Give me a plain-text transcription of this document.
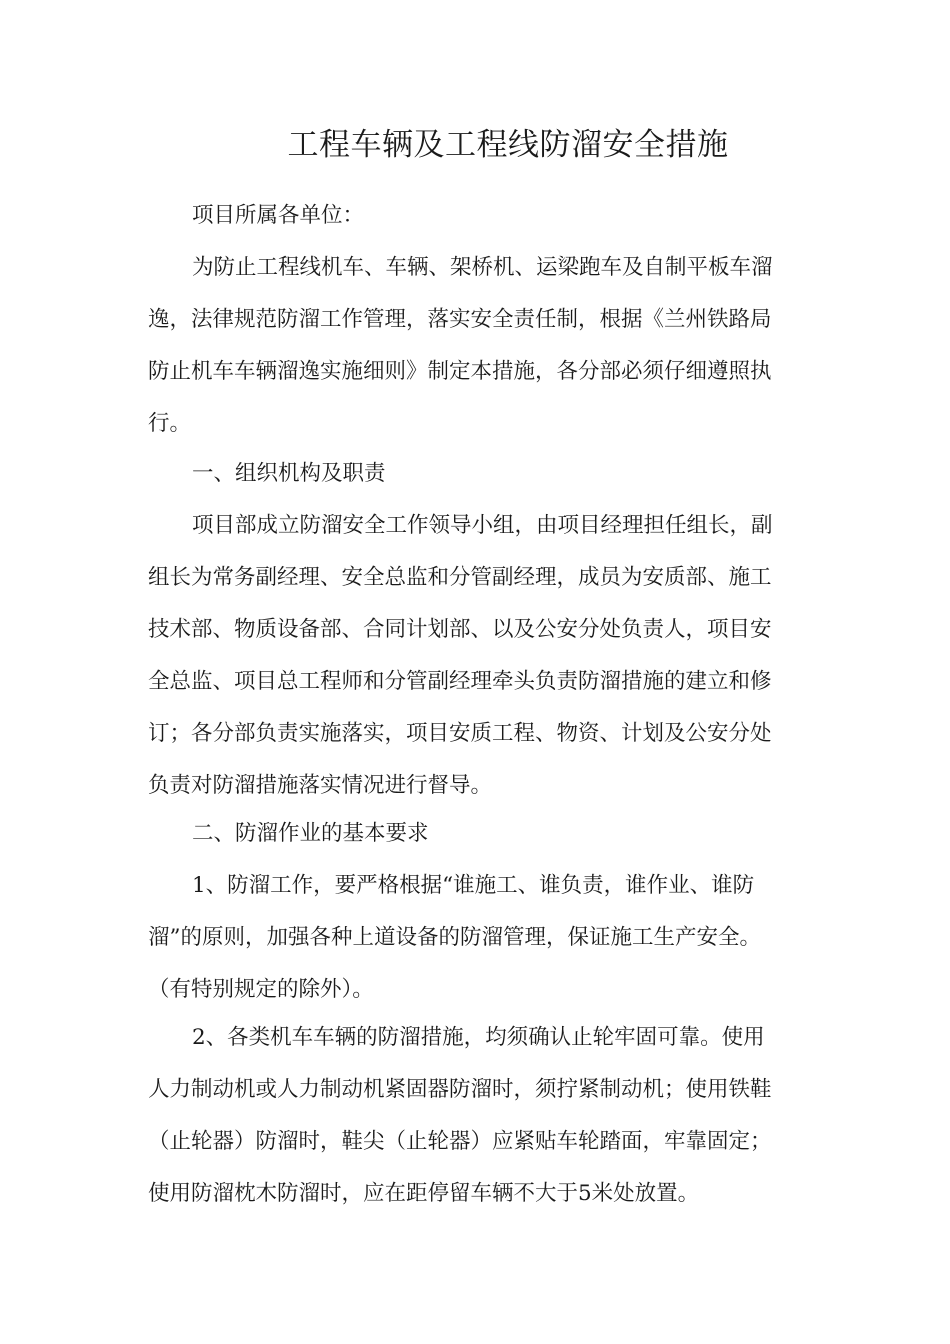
工程车辆及工程线防溜安全措施
项目所属各单位：
为防止工程线机车、车辆、架桥机、运梁跑车及自制平板车溜
逸，法律规范防溜工作管理，落实安全责任制，根据《兰州铁路局
防止机车车辆溜逸实施细则》制定本措施，各分部必须仔细遵照执
行。
一、组织机构及职责
项目部成立防溜安全工作领导小组，由项目经理担任组长，副
组长为常务副经理、安全总监和分管副经理，成员为安质部、施工
技术部、物质设备部、合同计划部、以及公安分处负责人，项目安
全总监、项目总工程师和分管副经理牵头负责防溜措施的建立和修
订；各分部负责实施落实，项目安质工程、物资、计划及公安分处
负责对防溜措施落实情况进行督导。
二、防溜作业的基本要求
1、防溜工作，要严格根据“谁施工、谁负责，谁作业、谁防
溜”的原则，加强各种上道设备的防溜管理，保证施工生产安全。
（有特别规定的除外）。
2、各类机车车辆的防溜措施，均须确认止轮牢固可靠。使用
人力制动机或人力制动机紧固器防溜时，须拧紧制动机；使用铁鞋
（止轮器）防溜时，鞋尖（止轮器）应紧贴车轮踏面，牢靠固定；
使用防溜枕木防溜时，应在距停留车辆不大于5米处放置。
